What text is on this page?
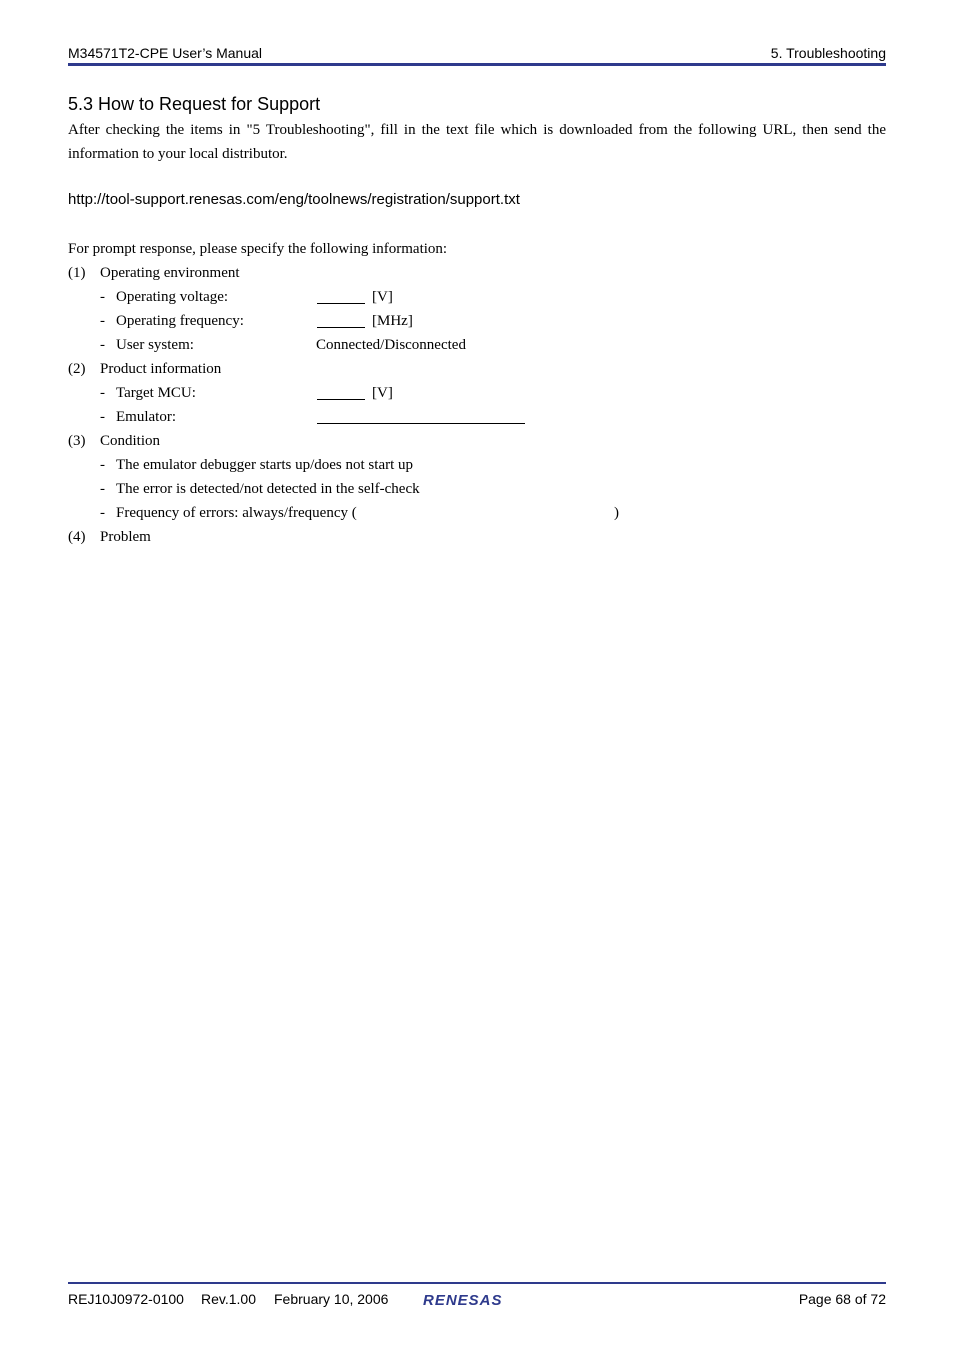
M34571T2-CPE User’s Manual	5. Troubleshooting
5.3 How to Request for Support
After checking the items in "5 Troubleshooting", fill in the text file which is downloaded from the following URL, then send the information to your local distributor.
http://tool-support.renesas.com/eng/toolnews/registration/support.txt
For prompt response, please specify the following information:
(1) Operating environment
- Operating voltage:	[V]
- Operating frequency:	[MHz]
- User system:	Connected/Disconnected
(2) Product information
- Target MCU:	[V]
- Emulator:
(3) Condition
- The emulator debugger starts up/does not start up
- The error is detected/not detected in the self-check
- Frequency of errors: always/frequency (	)
(4) Problem
REJ10J0972-0100 Rev.1.00 February 10, 2006 RENESAS	Page 68 of 72
